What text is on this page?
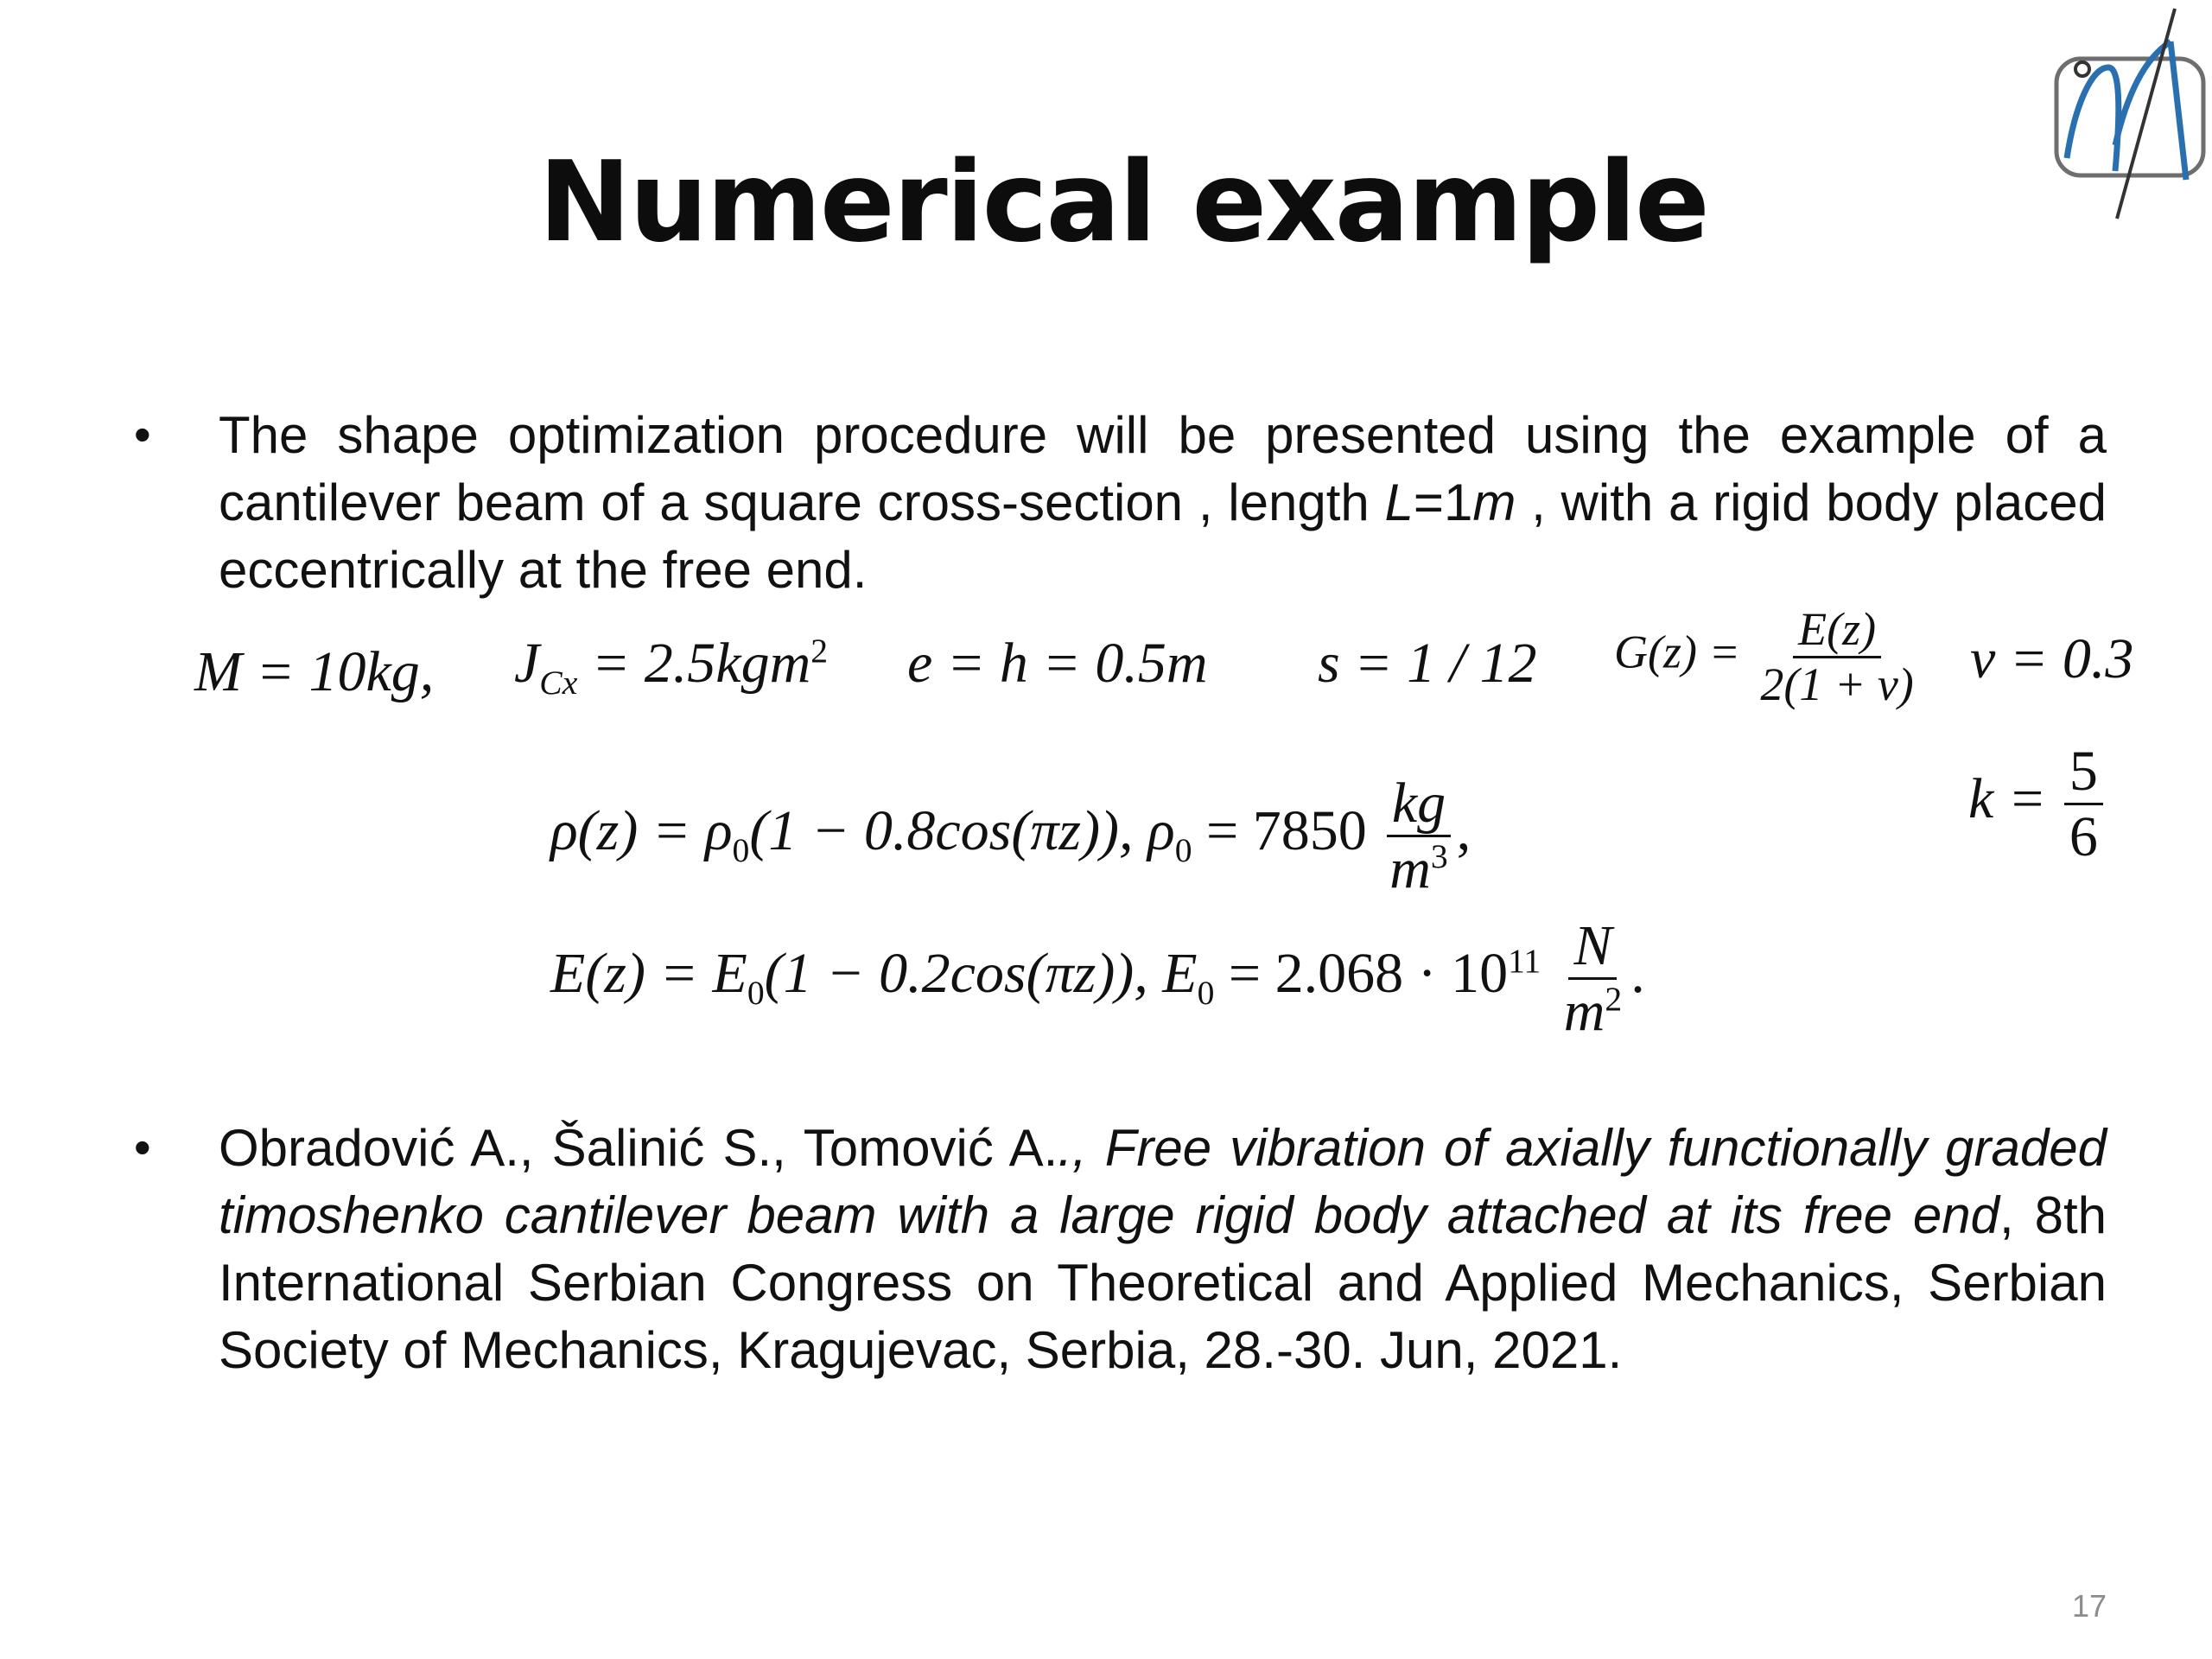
Numerical example
• The shape optimization procedure will be presented using the example of a cantilever beam of a square cross-section , length L=1m , with a rigid body placed eccentrically at the free end.
M = 10kg, $J_{Cx} = 2.5kgm^2$ e = h = 0.5m s = 1 / 12 $G(z) = \frac{E(z)}{2(1 + \nu)}$ ν = 0.3
$k = \frac{5}{6}$
$\rho(z) = \rho_0(1 - 0.8\cos(\pi z))$, $\rho_0 = 7850 \frac{kg}{m^3}$ ,
$E(z) = E_0(1 - 0.2\cos(\pi z))$, $E_0 = 2.068 \cdot 10^{11} \frac{N}{m^2}$ .
• Obradović A., Šalinić S., Tomović A.., Free vibration of axially functionally graded timoshenko cantilever beam with a large rigid body attached at its free end, 8th International Serbian Congress on Theoretical and Applied Mechanics, Serbian Society of Mechanics, Kragujevac, Serbia, 28.-30. Jun, 2021.
17
